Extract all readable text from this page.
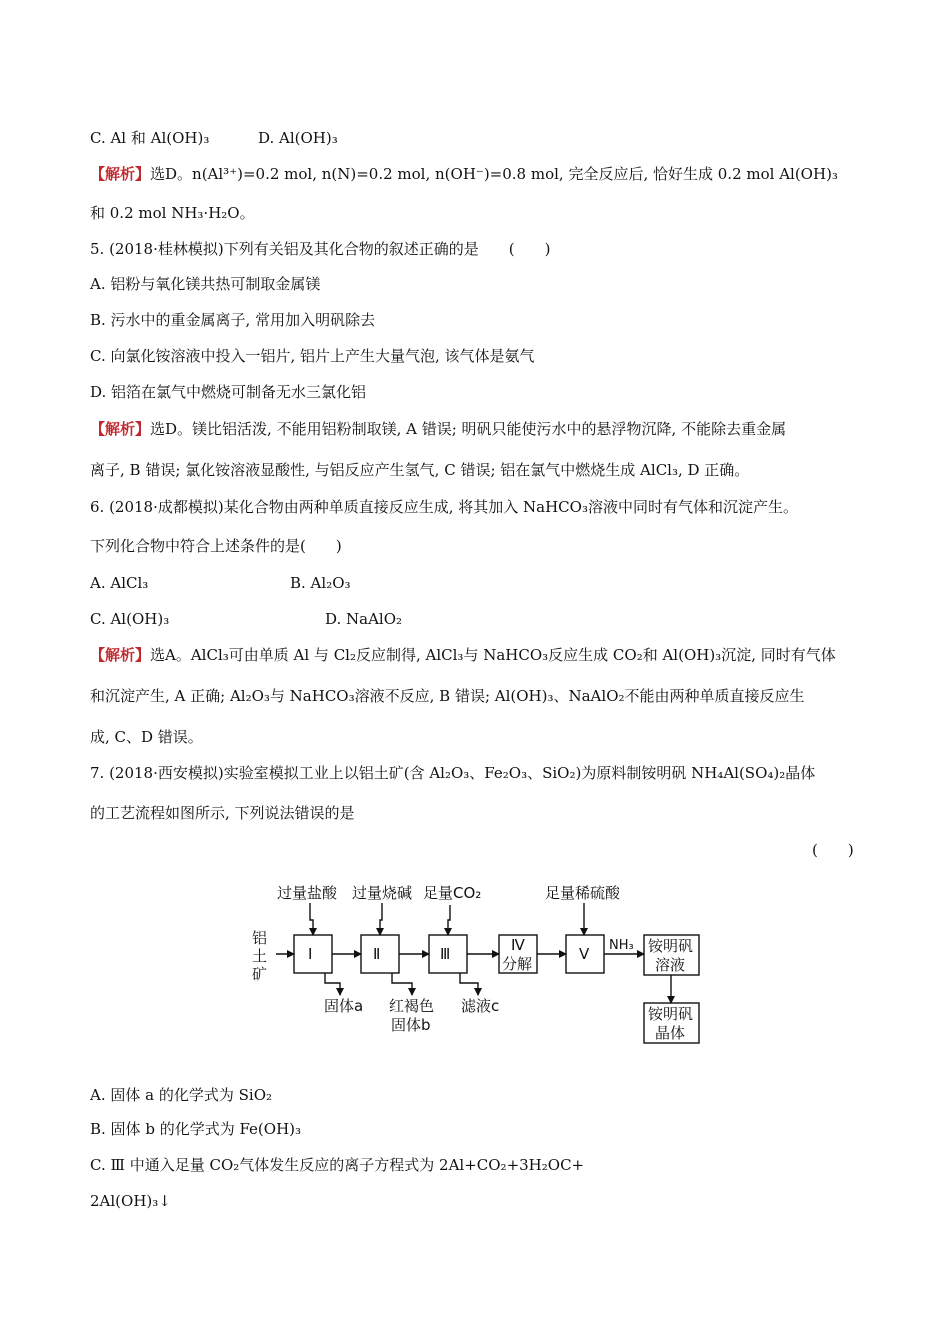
C. Al 和 Al(OH)₃	D. Al(OH)₃
【解析】选D。n(Al³⁺)=0.2 mol, n(N)=0.2 mol, n(OH⁻)=0.8 mol, 完全反应后, 恰好生成 0.2 mol Al(OH)₃
和 0.2 mol NH₃·H₂O。
5. (2018·桂林模拟)下列有关铝及其化合物的叙述正确的是　　(　　)
A. 铝粉与氧化镁共热可制取金属镁
B. 污水中的重金属离子, 常用加入明矾除去
C. 向氯化铵溶液中投入一铝片, 铝片上产生大量气泡, 该气体是氨气
D. 铝箔在氯气中燃烧可制备无水三氯化铝
【解析】选D。镁比铝活泼, 不能用铝粉制取镁, A 错误; 明矾只能使污水中的悬浮物沉降, 不能除去重金属
离子, B 错误; 氯化铵溶液显酸性, 与铝反应产生氢气, C 错误; 铝在氯气中燃烧生成 AlCl₃, D 正确。
6. (2018·成都模拟)某化合物由两种单质直接反应生成, 将其加入 NaHCO₃溶液中同时有气体和沉淀产生。
下列化合物中符合上述条件的是(　　)
A. AlCl₃	B. Al₂O₃
C. Al(OH)₃	D. NaAlO₂
【解析】选A。AlCl₃可由单质 Al 与 Cl₂反应制得, AlCl₃与 NaHCO₃反应生成 CO₂和 Al(OH)₃沉淀, 同时有气体
和沉淀产生, A 正确; Al₂O₃与 NaHCO₃溶液不反应, B 错误; Al(OH)₃、NaAlO₂不能由两种单质直接反应生
成, C、D 错误。
7. (2018·西安模拟)实验室模拟工业上以铝土矿(含 Al₂O₃、Fe₂O₃、SiO₂)为原料制铵明矾 NH₄Al(SO₄)₂晶体
的工艺流程如图所示, 下列说法错误的是
(　　)
铝
土
矿
过量盐酸 过量烧碱 足量CO₂	足量稀硫酸
Ⅰ	Ⅱ	Ⅲ	Ⅳ
分解
Ⅴ NH₃ 铵明矾
溶液
铵明矾
晶体
固体a 红褐色
固体b
滤液c
A. 固体 a 的化学式为 SiO₂
B. 固体 b 的化学式为 Fe(OH)₃
C. Ⅲ 中通入足量 CO₂气体发生反应的离子方程式为 2Al+CO₂+3H₂OC+
2Al(OH)₃↓
